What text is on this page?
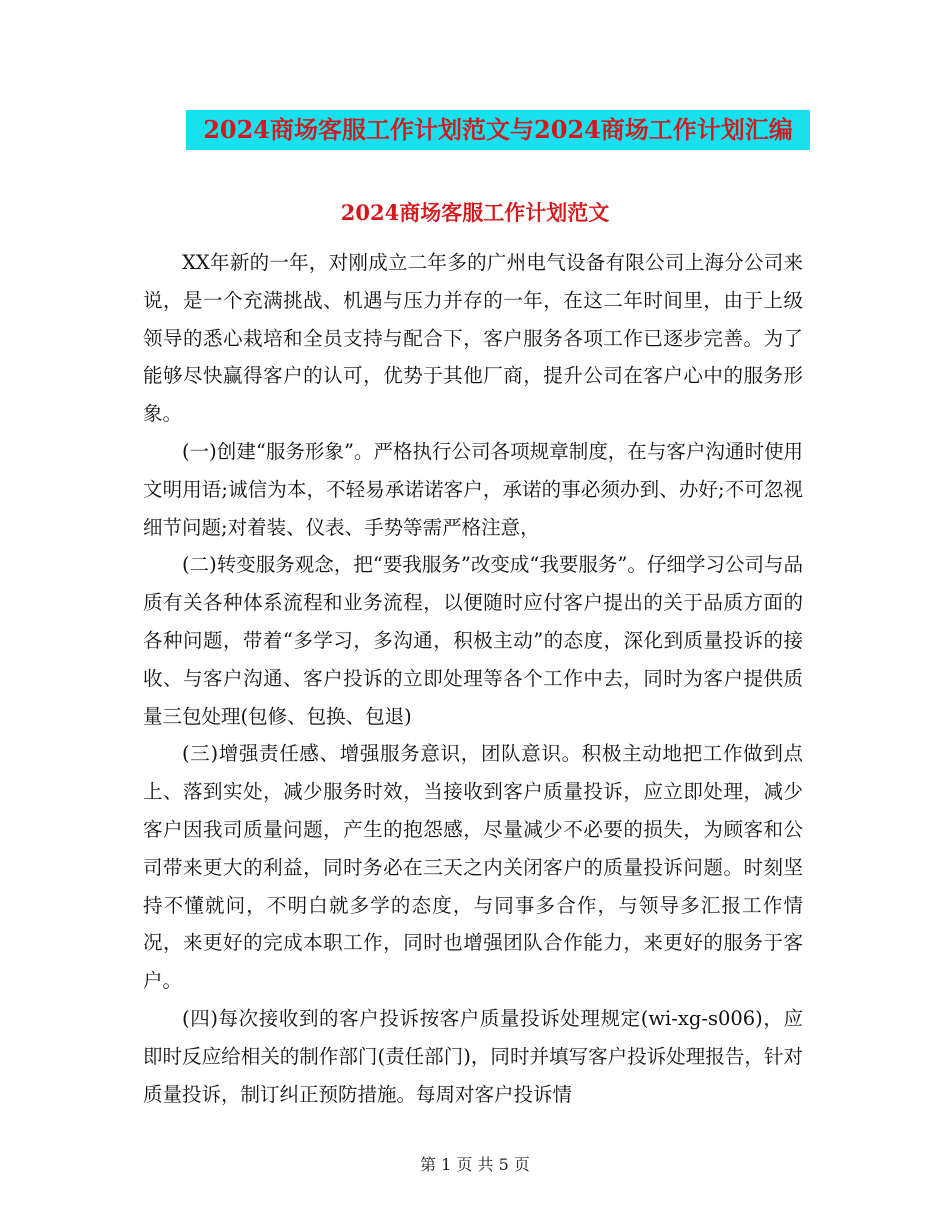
2024商场客服工作计划范文与2024商场工作计划汇编
2024商场客服工作计划范文

XX年新的一年，对刚成立二年多的广州电气设备有限公司上海分公司来说，是一个充满挑战、机遇与压力并存的一年，在这二年时间里，由于上级领导的悉心栽培和全员支持与配合下，客户服务各项工作已逐步完善。为了能够尽快赢得客户的认可，优势于其他厂商，提升公司在客户心中的服务形象。

(一)创建“服务形象”。严格执行公司各项规章制度，在与客户沟通时使用文明用语;诚信为本，不轻易承诺诺客户，承诺的事必须办到、办好;不可忽视细节问题;对着装、仪表、手势等需严格注意，

(二)转变服务观念，把“要我服务”改变成“我要服务”。仔细学习公司与品质有关各种体系流程和业务流程，以便随时应付客户提出的关于品质方面的各种问题，带着“多学习，多沟通，积极主动”的态度，深化到质量投诉的接收、与客户沟通、客户投诉的立即处理等各个工作中去，同时为客户提供质量三包处理(包修、包换、包退)

(三)增强责任感、增强服务意识，团队意识。积极主动地把工作做到点上、落到实处，减少服务时效，当接收到客户质量投诉，应立即处理，减少客户因我司质量问题，产生的抱怨感，尽量减少不必要的损失，为顾客和公司带来更大的利益，同时务必在三天之内关闭客户的质量投诉问题。时刻坚持不懂就问，不明白就多学的态度，与同事多合作，与领导多汇报工作情况，来更好的完成本职工作，同时也增强团队合作能力，来更好的服务于客户。

(四)每次接收到的客户投诉按客户质量投诉处理规定(wi-xg-s006)，应即时反应给相关的制作部门(责任部门)，同时并填写客户投诉处理报告，针对质量投诉，制订纠正预防措施。每周对客户投诉情

第 1 页 共 5 页
